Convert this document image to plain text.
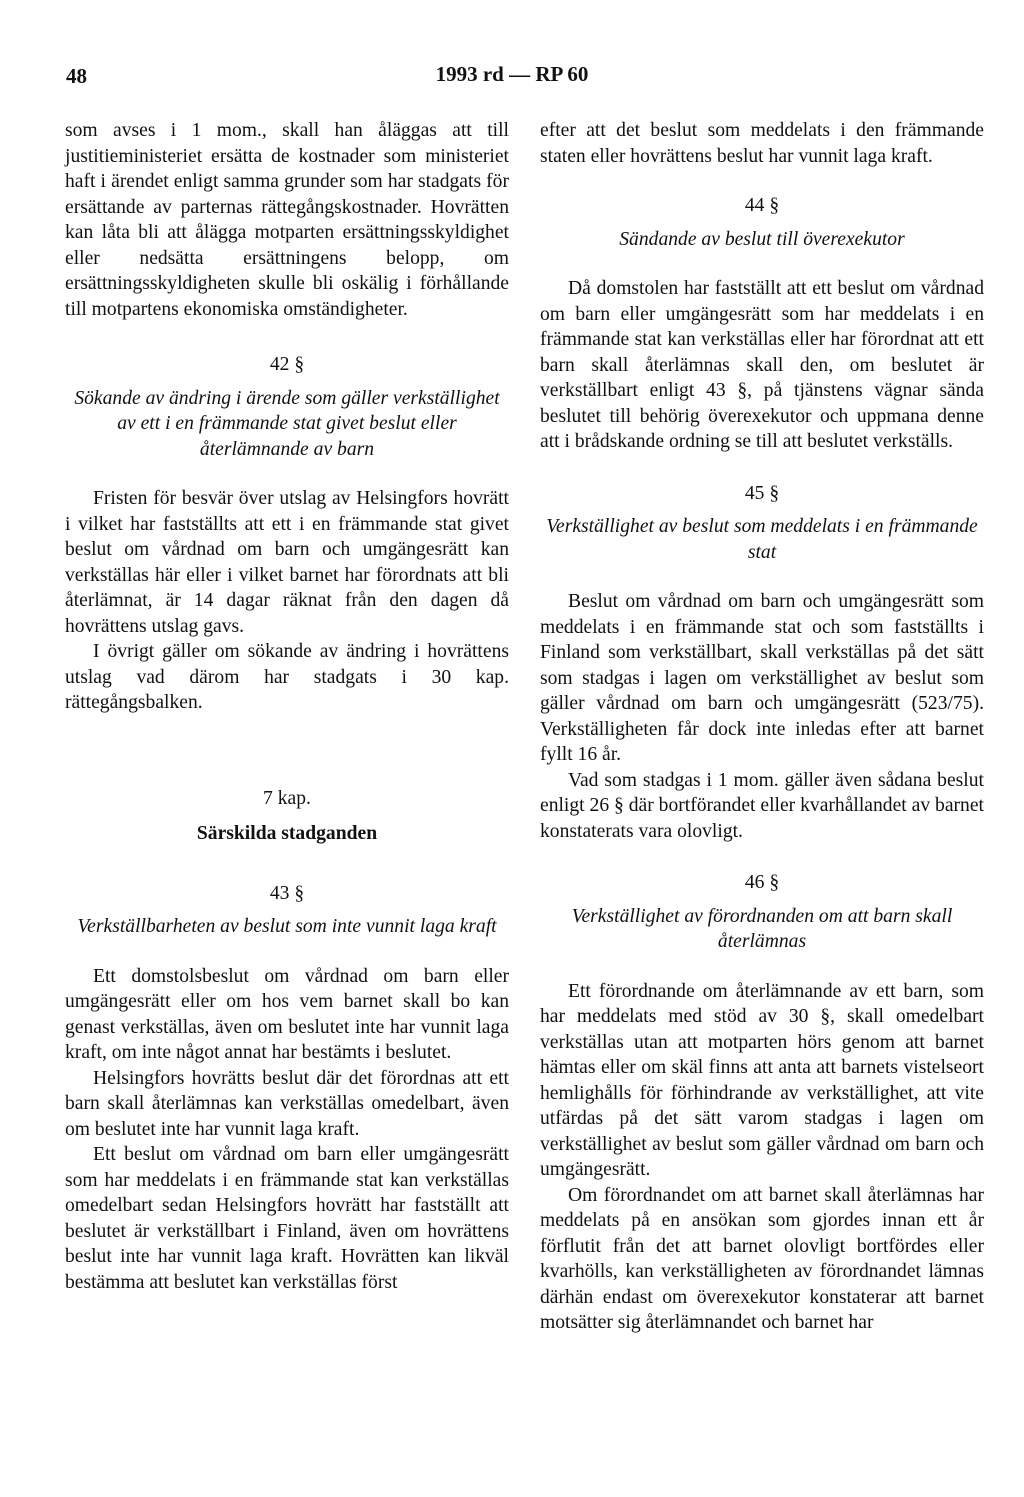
48	1993 rd — RP 60

som avses i 1 mom., skall han åläggas att till justitieministeriet ersätta de kostnader som ministeriet haft i ärendet enligt samma grunder som har stadgats för ersättande av parternas rättegångskostnader. Hovrätten kan låta bli att ålägga motparten ersättningsskyldighet eller nedsätta ersättningens belopp, om ersättningsskyldigheten skulle bli oskälig i förhållande till motpartens ekonomiska omständigheter.

42 §
Sökande av ändring i ärende som gäller verkställighet av ett i en främmande stat givet beslut eller återlämnande av barn

Fristen för besvär över utslag av Helsingfors hovrätt i vilket har fastställts att ett i en främmande stat givet beslut om vårdnad om barn och umgängesrätt kan verkställas här eller i vilket barnet har förordnats att bli återlämnat, är 14 dagar räknat från den dagen då hovrättens utslag gavs.

I övrigt gäller om sökande av ändring i hovrättens utslag vad därom har stadgats i 30 kap. rättegångsbalken.

7 kap.
Särskilda stadganden
43 §
Verkställbarheten av beslut som inte vunnit laga kraft

Ett domstolsbeslut om vårdnad om barn eller umgängesrätt eller om hos vem barnet skall bo kan genast verkställas, även om beslutet inte har vunnit laga kraft, om inte något annat har bestämts i beslutet.

Helsingfors hovrätts beslut där det förordnas att ett barn skall återlämnas kan verkställas omedelbart, även om beslutet inte har vunnit laga kraft.

Ett beslut om vårdnad om barn eller umgängesrätt som har meddelats i en främmande stat kan verkställas omedelbart sedan Helsingfors hovrätt har fastställt att beslutet är verkställbart i Finland, även om hovrättens beslut inte har vunnit laga kraft. Hovrätten kan likväl bestämma att beslutet kan verkställas först

efter att det beslut som meddelats i den främmande staten eller hovrättens beslut har vunnit laga kraft.

44 §
Sändande av beslut till överexekutor

Då domstolen har fastställt att ett beslut om vårdnad om barn eller umgängesrätt som har meddelats i en främmande stat kan verkställas eller har förordnat att ett barn skall återlämnas skall den, om beslutet är verkställbart enligt 43 §, på tjänstens vägnar sända beslutet till behörig överexekutor och uppmana denne att i brådskande ordning se till att beslutet verkställs.

45 §
Verkställighet av beslut som meddelats i en främmande stat

Beslut om vårdnad om barn och umgängesrätt som meddelats i en främmande stat och som fastställts i Finland som verkställbart, skall verkställas på det sätt som stadgas i lagen om verkställighet av beslut som gäller vårdnad om barn och umgängesrätt (523/75). Verkställigheten får dock inte inledas efter att barnet fyllt 16 år.

Vad som stadgas i 1 mom. gäller även sådana beslut enligt 26 § där bortförandet eller kvarhållandet av barnet konstaterats vara olovligt.

46 §
Verkställighet av förordnanden om att barn skall återlämnas

Ett förordnande om återlämnande av ett barn, som har meddelats med stöd av 30 §, skall omedelbart verkställas utan att motparten hörs genom att barnet hämtas eller om skäl finns att anta att barnets vistelseort hemlighålls för förhindrande av verkställighet, att vite utfärdas på det sätt varom stadgas i lagen om verkställighet av beslut som gäller vårdnad om barn och umgängesrätt.

Om förordnandet om att barnet skall återlämnas har meddelats på en ansökan som gjordes innan ett år förflutit från det att barnet olovligt bortfördes eller kvarhölls, kan verkställigheten av förordnandet lämnas därhän endast om överexekutor konstaterar att barnet motsätter sig återlämnandet och barnet har
